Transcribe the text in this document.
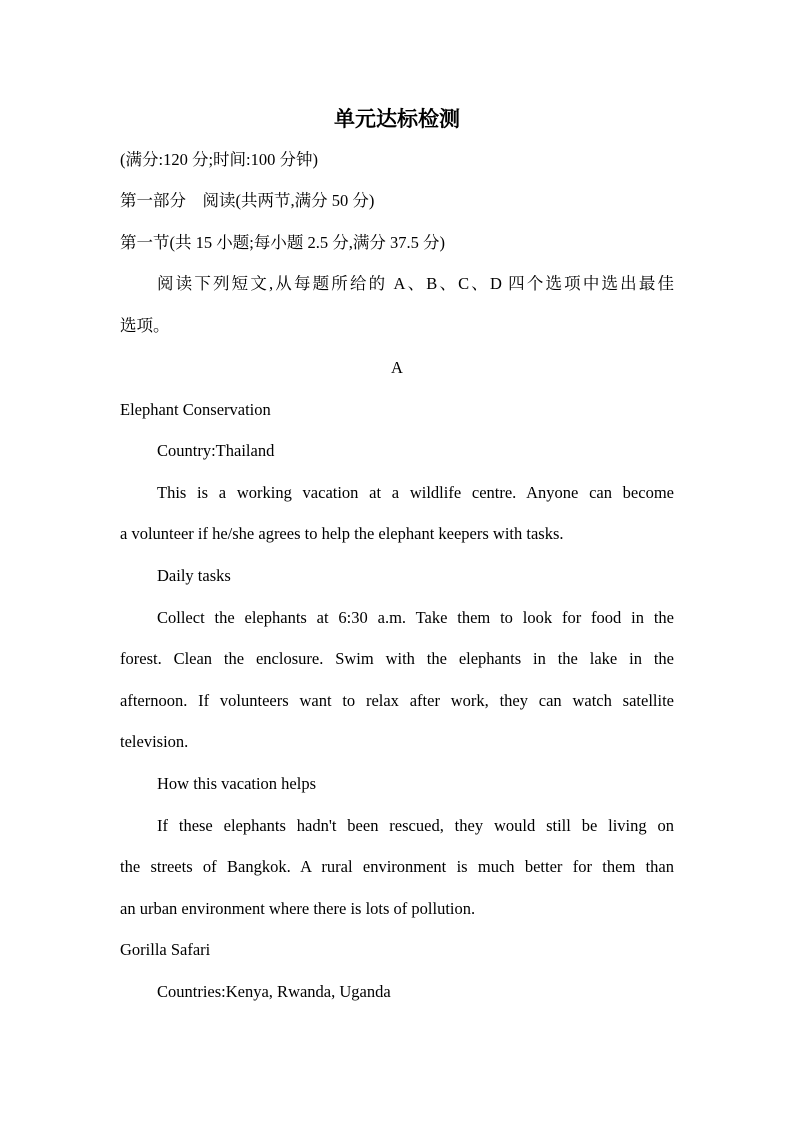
单元达标检测
(满分:120 分;时间:100 分钟)
第一部分　阅读(共两节,满分 50 分)
第一节(共 15 小题;每小题 2.5 分,满分 37.5 分)
阅读下列短文,从每题所给的 A、B、C、D 四个选项中选出最佳
选项。
A
Elephant Conservation
Country:Thailand
This is a working vacation at a wildlife centre. Anyone can become
a volunteer if he/she agrees to help the elephant keepers with tasks.
Daily tasks
Collect the elephants at 6:30 a.m. Take them to look for food in the
forest. Clean the enclosure. Swim with the elephants in the lake in the
afternoon. If volunteers want to relax after work, they can watch satellite
television.
How this vacation helps
If these elephants hadn't been rescued, they would still be living on
the streets of Bangkok. A rural environment is much better for them than
an urban environment where there is lots of pollution.
Gorilla Safari
Countries:Kenya, Rwanda, Uganda
